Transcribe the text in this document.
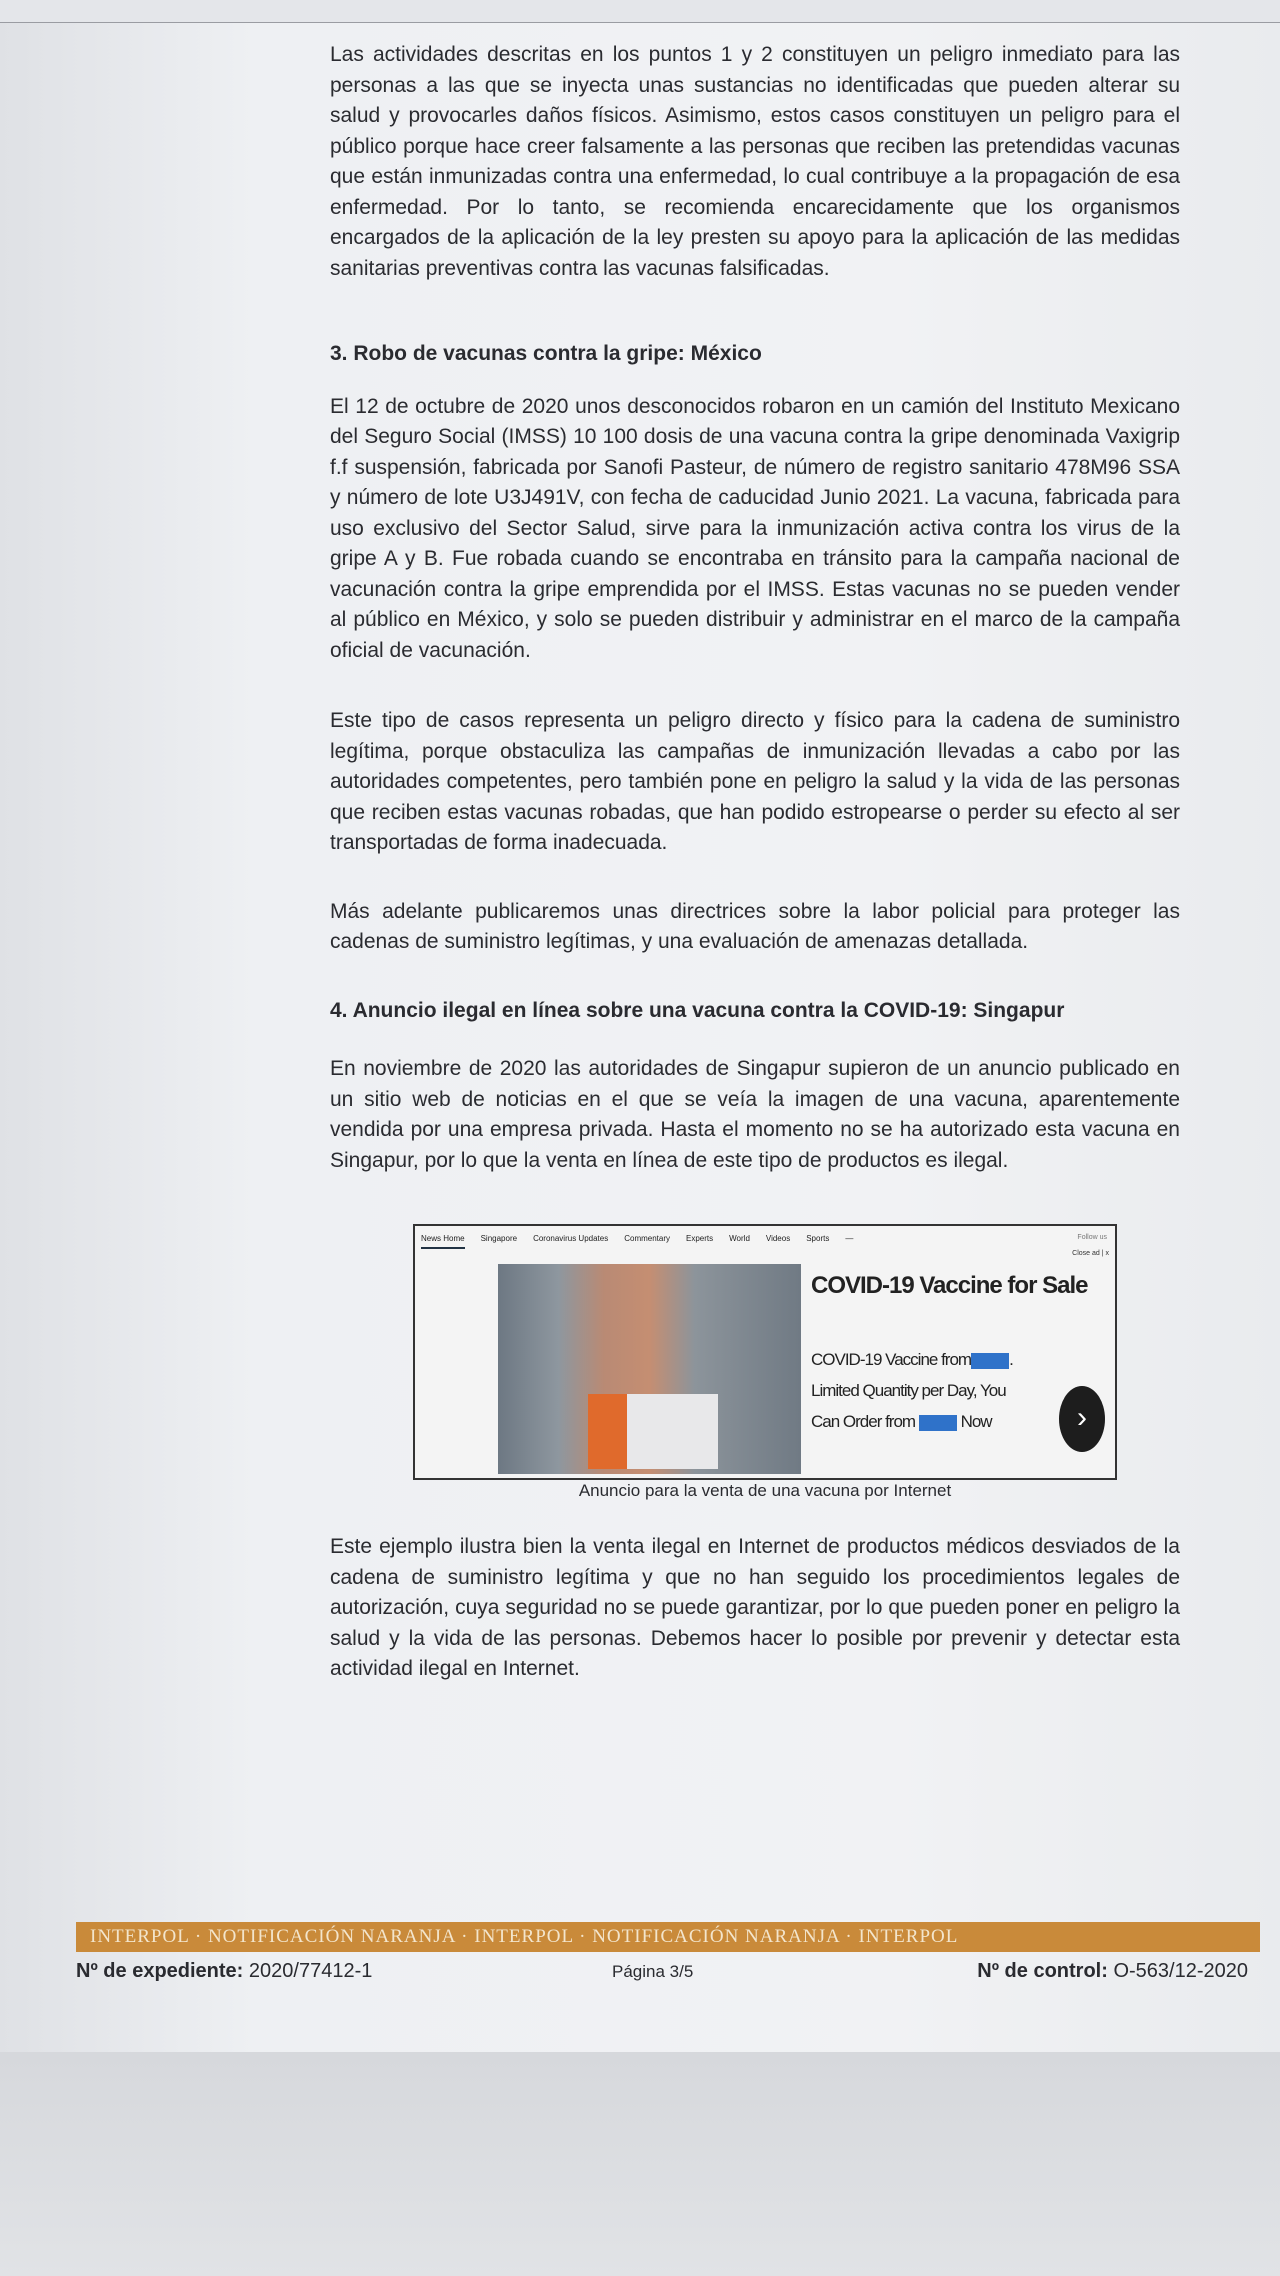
Las actividades descritas en los puntos 1 y 2 constituyen un peligro inmediato para las personas a las que se inyecta unas sustancias no identificadas que pueden alterar su salud y provocarles daños físicos. Asimismo, estos casos constituyen un peligro para el público porque hace creer falsamente a las personas que reciben las pretendidas vacunas que están inmunizadas contra una enfermedad, lo cual contribuye a la propagación de esa enfermedad. Por lo tanto, se recomienda encarecidamente que los organismos encargados de la aplicación de la ley presten su apoyo para la aplicación de las medidas sanitarias preventivas contra las vacunas falsificadas.

3. Robo de vacunas contra la gripe: México

El 12 de octubre de 2020 unos desconocidos robaron en un camión del Instituto Mexicano del Seguro Social (IMSS) 10 100 dosis de una vacuna contra la gripe denominada Vaxigrip f.f suspensión, fabricada por Sanofi Pasteur, de número de registro sanitario 478M96 SSA y número de lote U3J491V, con fecha de caducidad Junio 2021. La vacuna, fabricada para uso exclusivo del Sector Salud, sirve para la inmunización activa contra los virus de la gripe A y B. Fue robada cuando se encontraba en tránsito para la campaña nacional de vacunación contra la gripe emprendida por el IMSS. Estas vacunas no se pueden vender al público en México, y solo se pueden distribuir y administrar en el marco de la campaña oficial de vacunación.

Este tipo de casos representa un peligro directo y físico para la cadena de suministro legítima, porque obstaculiza las campañas de inmunización llevadas a cabo por las autoridades competentes, pero también pone en peligro la salud y la vida de las personas que reciben estas vacunas robadas, que han podido estropearse o perder su efecto al ser transportadas de forma inadecuada.

Más adelante publicaremos unas directrices sobre la labor policial para proteger las cadenas de suministro legítimas, y una evaluación de amenazas detallada.

4. Anuncio ilegal en línea sobre una vacuna contra la COVID-19: Singapur

En noviembre de 2020 las autoridades de Singapur supieron de un anuncio publicado en un sitio web de noticias en el que se veía la imagen de una vacuna, aparentemente vendida por una empresa privada. Hasta el momento no se ha autorizado esta vacuna en Singapur, por lo que la venta en línea de este tipo de productos es ilegal.

News Home Singapore Coronavirus Updates Commentary Experts World Videos Sports —	Follow us
Close ad | x
COVID-19 Vaccine for Sale
COVID-19 Vaccine from .
Limited Quantity per Day, You
Can Order from	Now	›
Anuncio para la venta de una vacuna por Internet

Este ejemplo ilustra bien la venta ilegal en Internet de productos médicos desviados de la cadena de suministro legítima y que no han seguido los procedimientos legales de autorización, cuya seguridad no se puede garantizar, por lo que pueden poner en peligro la salud y la vida de las personas. Debemos hacer lo posible por prevenir y detectar esta actividad ilegal en Internet.

INTERPOL · NOTIFICACIÓN NARANJA · INTERPOL · NOTIFICACIÓN NARANJA · INTERPOL
Nº de expediente: 2020/77412-1	Página 3/5	Nº de control: O-563/12-2020
